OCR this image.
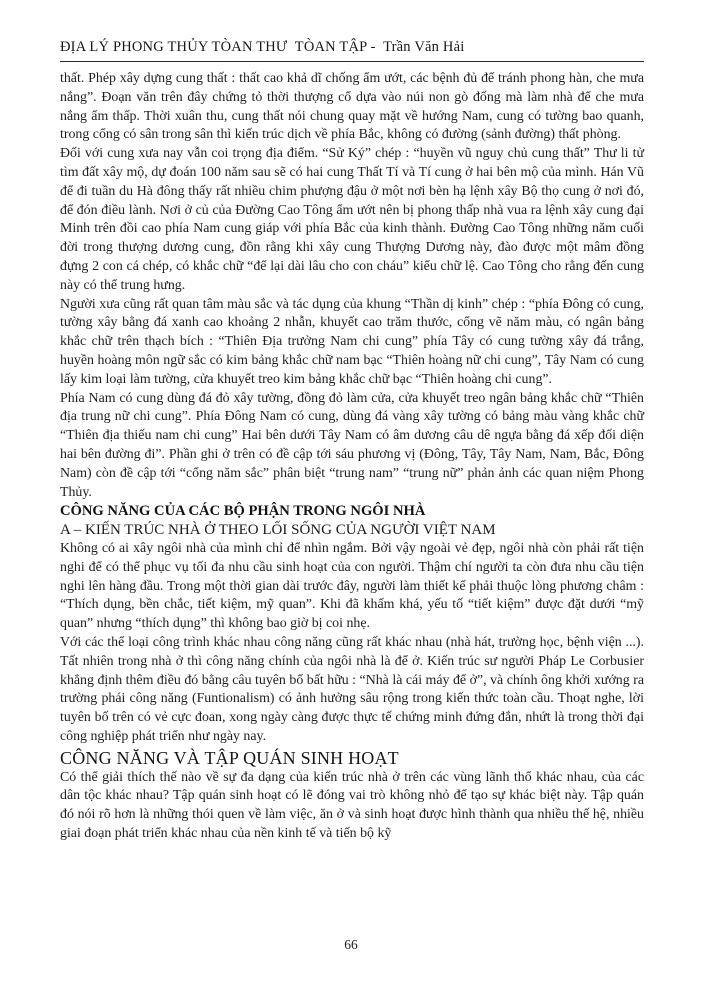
ĐỊA LÝ PHONG THỦY TÒAN THƯ  TÒAN TẬP -  Trần Văn Hải

thất. Phép xây dựng cung thất : thất cao khả dĩ chống ẩm ướt, các bệnh đủ để tránh phong hàn, che mưa nắng”. Đoạn văn trên đây chứng tỏ thời thượng cổ dựa vào núi non gò đống mà làm nhà để che mưa nắng ẩm thấp. Thời xuân thu, cung thất nói chung quay mặt về hướng Nam, cung có tường bao quanh, trong cổng có sân trong sân thì kiến trúc dịch về phía Bắc, không có đường (sảnh đường) thất phòng.

Đối với cung xưa nay vẫn coi trọng địa điểm. “Sử Ký” chép : “huyền vũ nguy chủ cung thất” Thư li tử tìm đất xây mộ, dự đoán 100 năm sau sẽ có hai cung Thất Tí và Tí cung ở hai bên mộ của mình. Hán Vũ để đi tuần du Hà đông thấy rất nhiều chim phượng đậu ở một nơi bèn hạ lệnh xây Bộ thọ cung ở nơi đó, để đón điều lành. Nơi ở củ của Đường Cao Tông ẩm ướt nên bị phong thấp nhà vua ra lệnh xây cung đại Minh trên đồi cao phía Nam cung giáp với phía Bắc của kinh thành. Đường Cao Tông những năm cuối đời trong thượng dương cung, đồn rằng khi xây cung Thượng Dương này, đào được một mâm đồng đựng 2 con cá chép, có khắc chữ “để lại dài lâu cho con cháu” kiểu chữ lệ. Cao Tông cho rằng đến cung này có thể trung hưng.

Người xưa cũng rất quan tâm màu sắc và tác dụng của khung “Thần dị kinh” chép : “phía Đông có cung, tường xây bằng đá xanh cao khoảng 2 nhẫn, khuyết cao trăm thước, cổng vẽ năm màu, có ngân bảng khắc chữ trên thạch bích : “Thiên Địa trưởng Nam chi cung” phía Tây có cung tường xây đá trắng, huyền hoàng môn ngữ sắc có kim bảng khắc chữ nam bạc “Thiên hoàng nữ chi cung”, Tây Nam có cung lấy kim loại làm tường, cửa khuyết treo kim bảng khắc chữ bạc “Thiên hoàng chi cung”.

Phía Nam có cung dùng đá đỏ xây tường, đồng đỏ làm cửa, cửa khuyết treo ngân bảng khắc chữ “Thiên địa trung nữ chi cung”. Phía Đông Nam có cung, dùng đá vàng xây tường có bảng màu vàng khắc chữ “Thiên địa thiếu nam chi cung” Hai bên dưới Tây Nam có âm dương câu dê ngựa bằng đá xếp đối diện hai bên đường đi”. Phần ghi ở trên có đề cập tới sáu phương vị (Đông, Tây, Tây Nam, Nam, Bắc, Đông Nam) còn đề cập tới “cổng năm sắc” phân biệt “trung nam” “trung nữ” phản ảnh các quan niệm Phong Thủy.

CÔNG NĂNG CỦA CÁC BỘ PHẬN TRONG NGÔI NHÀ

A – KIẾN TRÚC NHÀ Ở THEO LỐI SỐNG CỦA NGƯỜI VIỆT NAM

Không có ai xây ngôi nhà của mình chỉ để nhìn ngắm. Bởi vậy ngoài vẻ đẹp, ngôi nhà còn phải rất tiện nghi để có thể phục vụ tối đa nhu cầu sinh hoạt của con người. Thậm chí người ta còn đưa nhu cầu tiện nghi lên hàng đầu. Trong một thời gian dài trước đây, người làm thiết kế phải thuộc lòng phương châm : “Thích dụng, bền chắc, tiết kiệm, mỹ quan”. Khi đã khấm khá, yếu tố “tiết kiệm” được đặt dưới “mỹ quan” nhưng “thích dụng” thì không bao giờ bị coi nhẹ.

Với các thể loại công trình khác nhau công năng cũng rất khác nhau (nhà hát, trường học, bệnh viện ...). Tất nhiên trong nhà ở thì công năng chính của ngôi nhà là để ở. Kiến trúc sư người Pháp Le Corbusier khẳng định thêm điều đó bằng câu tuyên bố bất hữu : “Nhà là cái máy để ở”, và chính ông khởi xướng ra trường phái công năng (Funtionalism) có ảnh hưởng sâu rộng trong kiến thức toàn cầu. Thoạt nghe, lời tuyên bố trên có vẻ cực đoan, xong ngày càng được thực tế chứng minh đứng đắn, nhứt là trong thời đại công nghiệp phát triển như ngày nay.

CÔNG NĂNG VÀ TẬP QUÁN SINH HOẠT

Có thể giải thích thế nào về sự đa dạng của kiến trúc nhà ở trên các vùng lãnh thổ khác nhau, của các dân tộc khác nhau? Tập quán sinh hoạt có lẽ đóng vai trò không nhỏ để tạo sự khác biệt này. Tập quán đó nói rõ hơn là những thói quen về làm việc, ăn ở và sinh hoạt được hình thành qua nhiều thế hệ, nhiều giai đoạn phát triển khác nhau của nền kinh tế và tiến bộ kỹ

66
